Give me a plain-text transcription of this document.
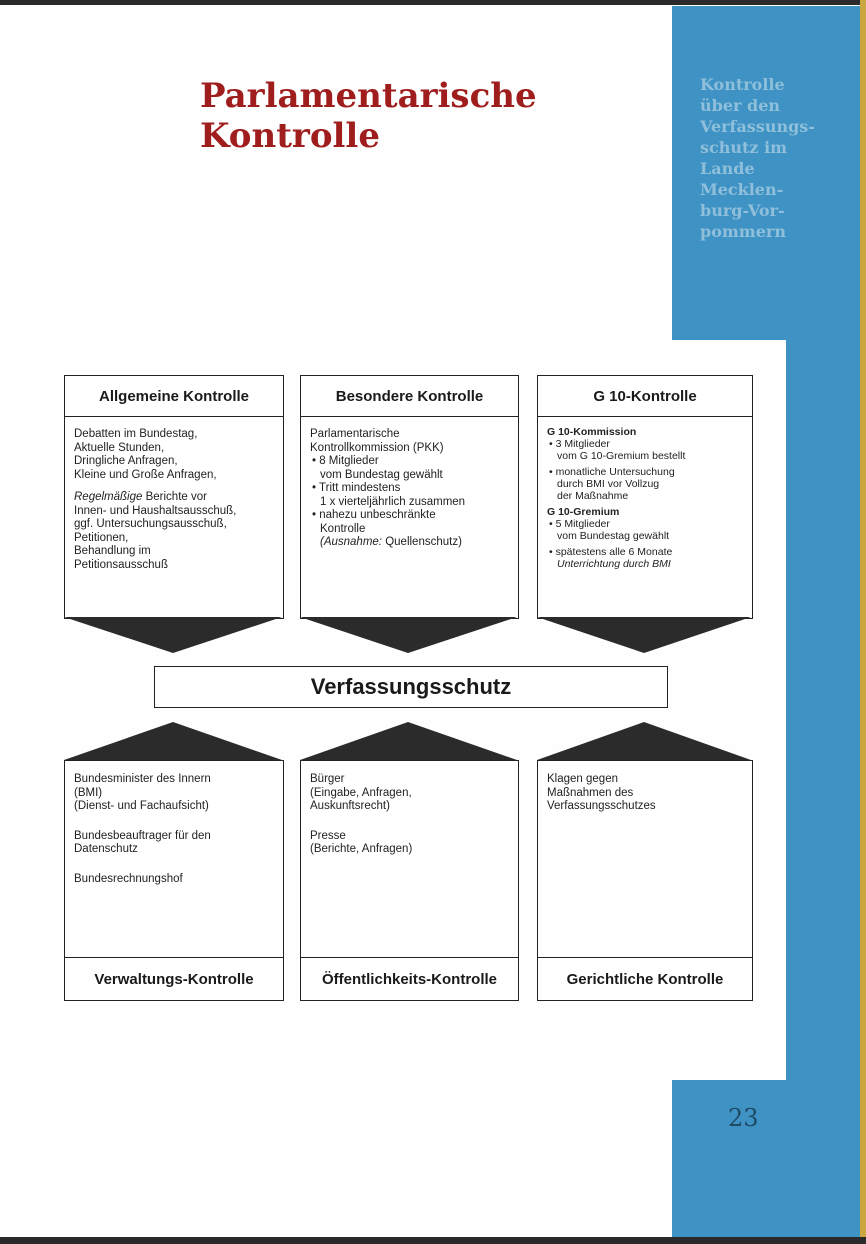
Parlamentarische
Kontrolle
Kontrolle
über den
Verfassungs-
schutz im
Lande
Mecklen-
burg-Vor-
pommern
23
Allgemeine Kontrolle

Debatten im Bundestag,
Aktuelle Stunden,
Dringliche Anfragen,
Kleine und Große Anfragen,

Regelmäßige Berichte vor

Innen- und Haushaltsausschuß,
ggf. Untersuchungsausschuß,
Petitionen,
Behandlung im
Petitionsausschuß

Besondere Kontrolle

Parlamentarische
Kontrollkommission (PKK)

• 8 Mitglieder
vom Bundestag gewählt

• Tritt mindestens
1 x vierteljährlich zusammen

• nahezu unbeschränkte
Kontrolle

(Ausnahme: Quellenschutz)

G 10-Kontrolle

G 10-Kommission

• 3 Mitglieder

vom G 10-Gremium bestellt

• monatliche Untersuchung
durch BMI vor Vollzug
der Maßnahme

G 10-Gremium

• 5 Mitglieder

vom Bundestag gewählt

• spätestens alle 6 Monate

Unterrichtung durch BMI

Verfassungsschutz

Bundesminister des Innern
(BMI)
(Dienst- und Fachaufsicht)

Bundesbeauftrager für den
Datenschutz

Bundesrechnungshof

Verwaltungs-Kontrolle

Bürger
(Eingabe, Anfragen,
Auskunftsrecht)

Presse
(Berichte, Anfragen)

Öffentlichkeits-Kontrolle

Klagen gegen
Maßnahmen des
Verfassungsschutzes

Gerichtliche Kontrolle
